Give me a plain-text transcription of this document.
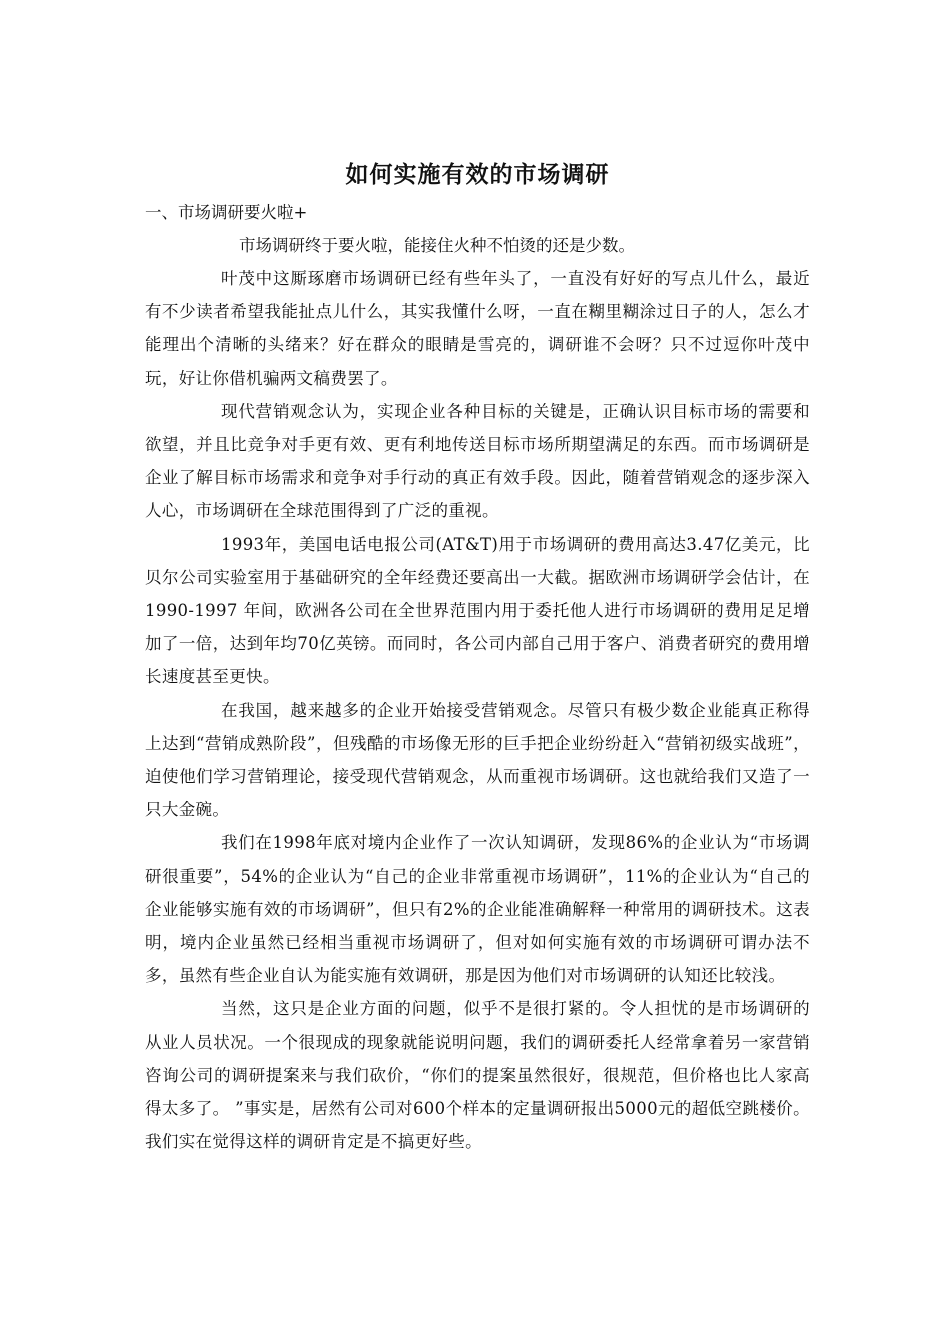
如何实施有效的市场调研

一、市场调研要火啦+

市场调研终于要火啦，能接住火种不怕烫的还是少数。

叶茂中这厮琢磨市场调研已经有些年头了，一直没有好好的写点儿什么，最近有不少读者希望我能扯点儿什么，其实我懂什么呀，一直在糊里糊涂过日子的人，怎么才能理出个清晰的头绪来？好在群众的眼睛是雪亮的，调研谁不会呀？只不过逗你叶茂中玩，好让你借机骗两文稿费罢了。

现代营销观念认为，实现企业各种目标的关键是，正确认识目标市场的需要和欲望，并且比竞争对手更有效、更有利地传送目标市场所期望满足的东西。而市场调研是企业了解目标市场需求和竞争对手行动的真正有效手段。因此，随着营销观念的逐步深入人心，市场调研在全球范围得到了广泛的重视。

1993年，美国电话电报公司(AT&T)用于市场调研的费用高达3.47亿美元，比贝尔公司实验室用于基础研究的全年经费还要高出一大截。据欧洲市场调研学会估计，在1990-1997 年间，欧洲各公司在全世界范围内用于委托他人进行市场调研的费用足足增加了一倍，达到年均70亿英镑。而同时，各公司内部自己用于客户、消费者研究的费用增长速度甚至更快。

在我国，越来越多的企业开始接受营销观念。尽管只有极少数企业能真正称得上达到“营销成熟阶段”，但残酷的市场像无形的巨手把企业纷纷赶入“营销初级实战班”，迫使他们学习营销理论，接受现代营销观念，从而重视市场调研。这也就给我们又造了一只大金碗。

我们在1998年底对境内企业作了一次认知调研，发现86%的企业认为“市场调研很重要”，54%的企业认为“自己的企业非常重视市场调研”，11%的企业认为“自己的企业能够实施有效的市场调研”，但只有2%的企业能准确解释一种常用的调研技术。这表明，境内企业虽然已经相当重视市场调研了，但对如何实施有效的市场调研可谓办法不多，虽然有些企业自认为能实施有效调研，那是因为他们对市场调研的认知还比较浅。

当然，这只是企业方面的问题，似乎不是很打紧的。令人担忧的是市场调研的从业人员状况。一个很现成的现象就能说明问题，我们的调研委托人经常拿着另一家营销咨询公司的调研提案来与我们砍价，“你们的提案虽然很好，很规范，但价格也比人家高得太多了。 ”事实是，居然有公司对600个样本的定量调研报出5000元的超低空跳楼价。我们实在觉得这样的调研肯定是不搞更好些。
